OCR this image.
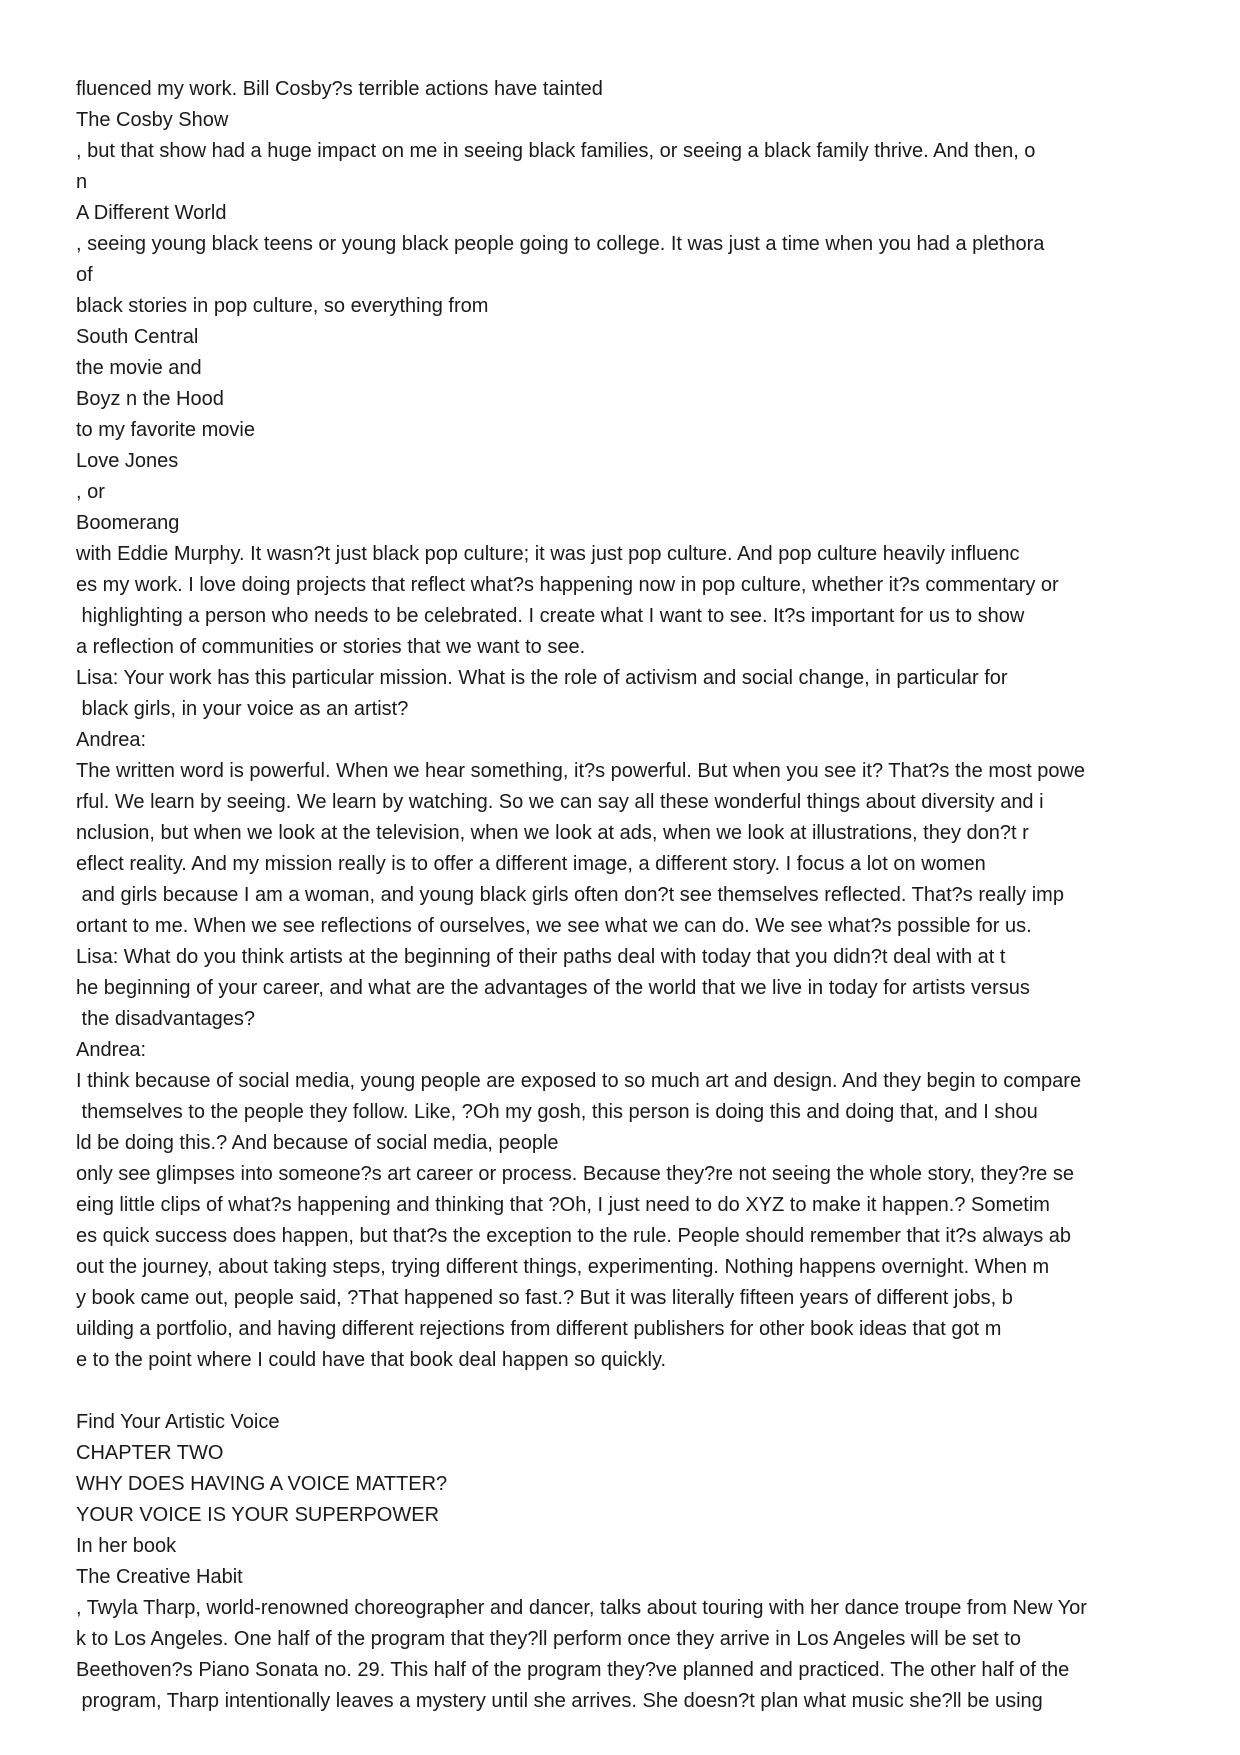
fluenced my work. Bill Cosby?s terrible actions have tainted
The Cosby Show
, but that show had a huge impact on me in seeing black families, or seeing a black family thrive. And then, o
n
A Different World
, seeing young black teens or young black people going to college. It was just a time when you had a plethora
of
black stories in pop culture, so everything from
South Central
the movie and
Boyz n the Hood
to my favorite movie
Love Jones
, or
Boomerang
with Eddie Murphy. It wasn?t just black pop culture; it was just pop culture. And pop culture heavily influenc
es my work. I love doing projects that reflect what?s happening now in pop culture, whether it?s commentary or
highlighting a person who needs to be celebrated. I create what I want to see. It?s important for us to show
a reflection of communities or stories that we want to see.
Lisa: Your work has this particular mission. What is the role of activism and social change, in particular for
black girls, in your voice as an artist?
Andrea:
The written word is powerful. When we hear something, it?s powerful. But when you see it? That?s the most powe
rful. We learn by seeing. We learn by watching. So we can say all these wonderful things about diversity and i
nclusion, but when we look at the television, when we look at ads, when we look at illustrations, they don?t r
eflect reality. And my mission really is to offer a different image, a different story. I focus a lot on women
and girls because I am a woman, and young black girls often don?t see themselves reflected. That?s really imp
ortant to me. When we see reflections of ourselves, we see what we can do. We see what?s possible for us.
Lisa: What do you think artists at the beginning of their paths deal with today that you didn?t deal with at t
he beginning of your career, and what are the advantages of the world that we live in today for artists versus
the disadvantages?
Andrea:
I think because of social media, young people are exposed to so much art and design. And they begin to compare
themselves to the people they follow. Like, ?Oh my gosh, this person is doing this and doing that, and I shou
ld be doing this.? And because of social media, people
only see glimpses into someone?s art career or process. Because they?re not seeing the whole story, they?re se
eing little clips of what?s happening and thinking that ?Oh, I just need to do XYZ to make it happen.? Sometim
es quick success does happen, but that?s the exception to the rule. People should remember that it?s always ab
out the journey, about taking steps, trying different things, experimenting. Nothing happens overnight. When m
y book came out, people said, ?That happened so fast.? But it was literally fifteen years of different jobs, b
uilding a portfolio, and having different rejections from different publishers for other book ideas that got m
e to the point where I could have that book deal happen so quickly.
Find Your Artistic Voice
CHAPTER TWO
WHY DOES HAVING A VOICE MATTER?
YOUR VOICE IS YOUR SUPERPOWER
In her book
The Creative Habit
, Twyla Tharp, world-renowned choreographer and dancer, talks about touring with her dance troupe from New Yor
k to Los Angeles. One half of the program that they?ll perform once they arrive in Los Angeles will be set to
Beethoven?s Piano Sonata no. 29. This half of the program they?ve planned and practiced. The other half of the
program, Tharp intentionally leaves a mystery until she arrives. She doesn?t plan what music she?ll be using
